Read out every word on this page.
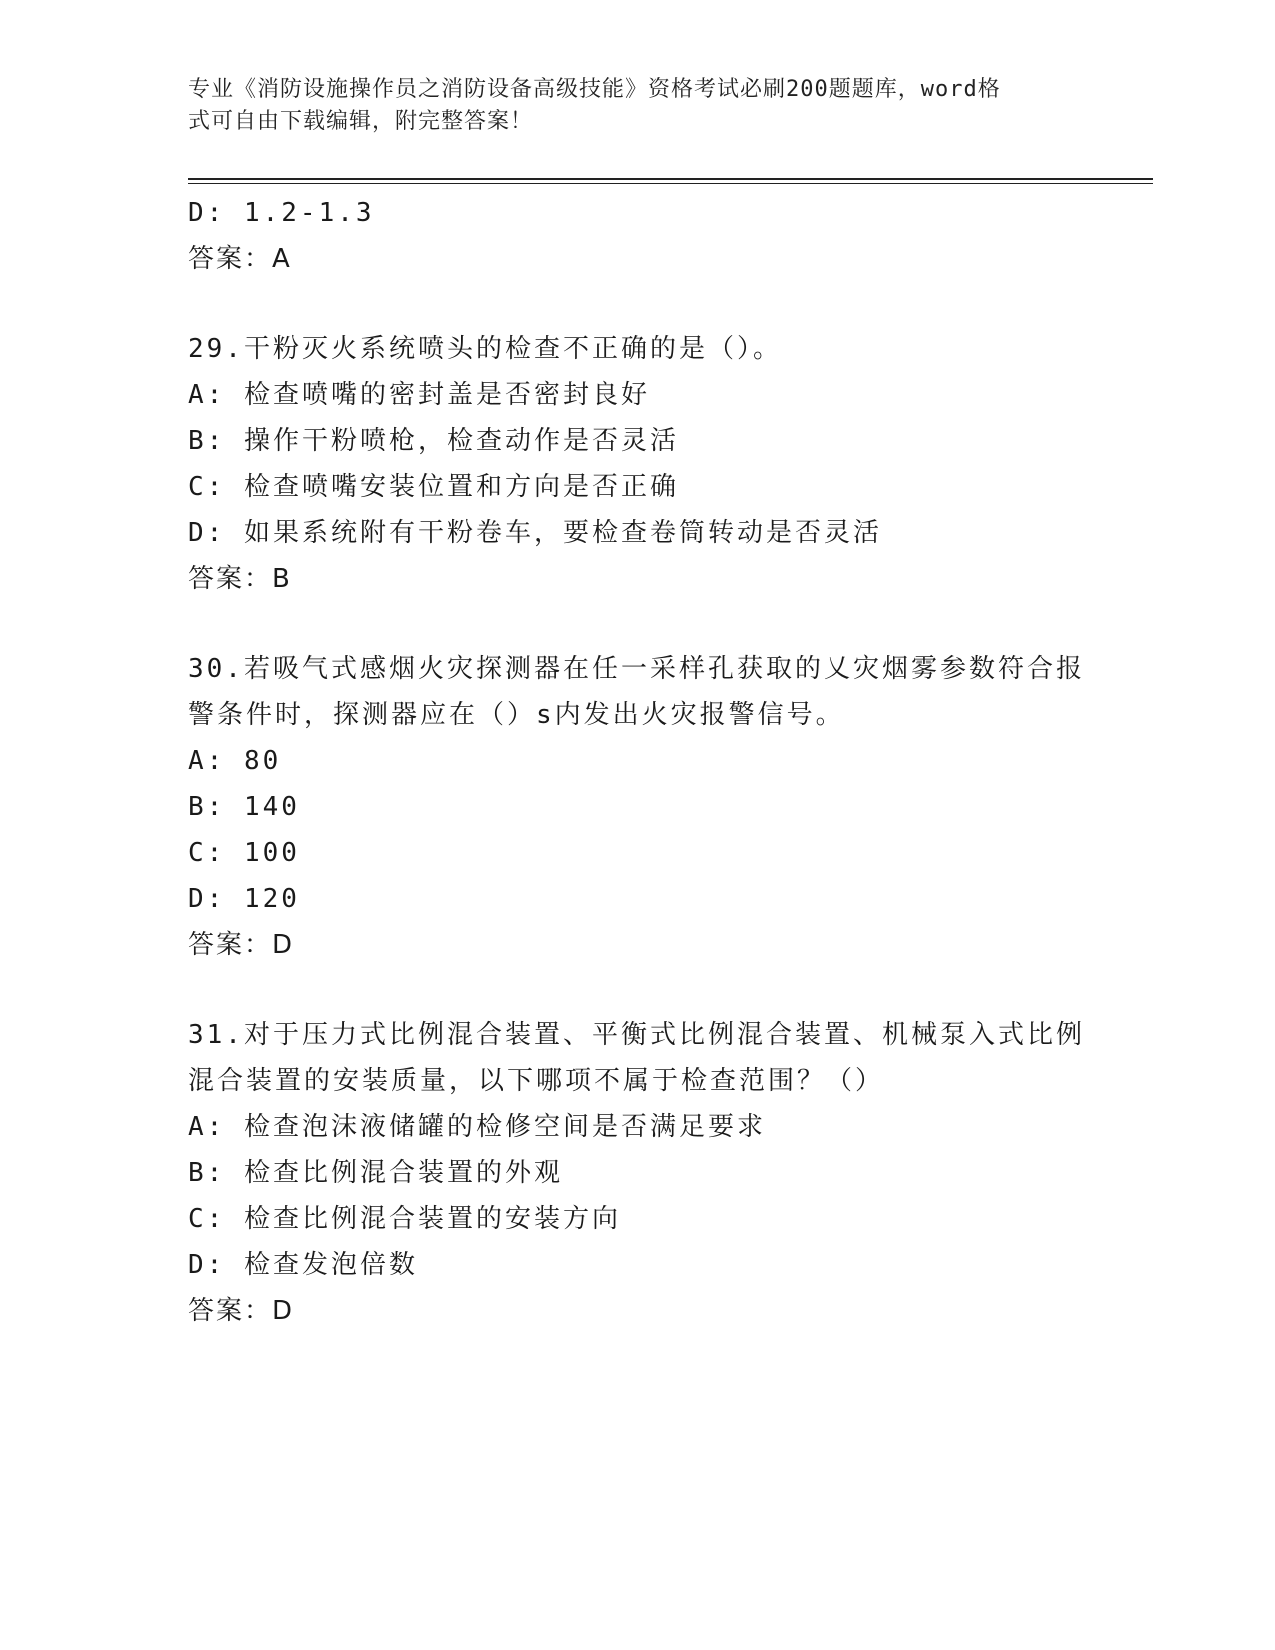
专业《消防设施操作员之消防设备高级技能》资格考试必刷200题题库，word格
式可自由下载编辑，附完整答案！
D: 1.2-1.3
答案：A
29.干粉灭火系统喷头的检查不正确的是（）。
A: 检查喷嘴的密封盖是否密封良好
B: 操作干粉喷枪，检查动作是否灵活
C: 检查喷嘴安装位置和方向是否正确
D: 如果系统附有干粉卷车，要检查卷筒转动是否灵活
答案：B
30.若吸气式感烟火灾探测器在任一采样孔获取的乂灾烟雾参数符合报
警条件时，探测器应在（）s内发出火灾报警信号。
A: 80
B: 140
C: 100
D: 120
答案：D
31.对于压力式比例混合装置、平衡式比例混合装置、机械泵入式比例
混合装置的安装质量，以下哪项不属于检查范围？（）
A: 检查泡沫液储罐的检修空间是否满足要求
B: 检查比例混合装置的外观
C: 检查比例混合装置的安装方向
D: 检查发泡倍数
答案：D
